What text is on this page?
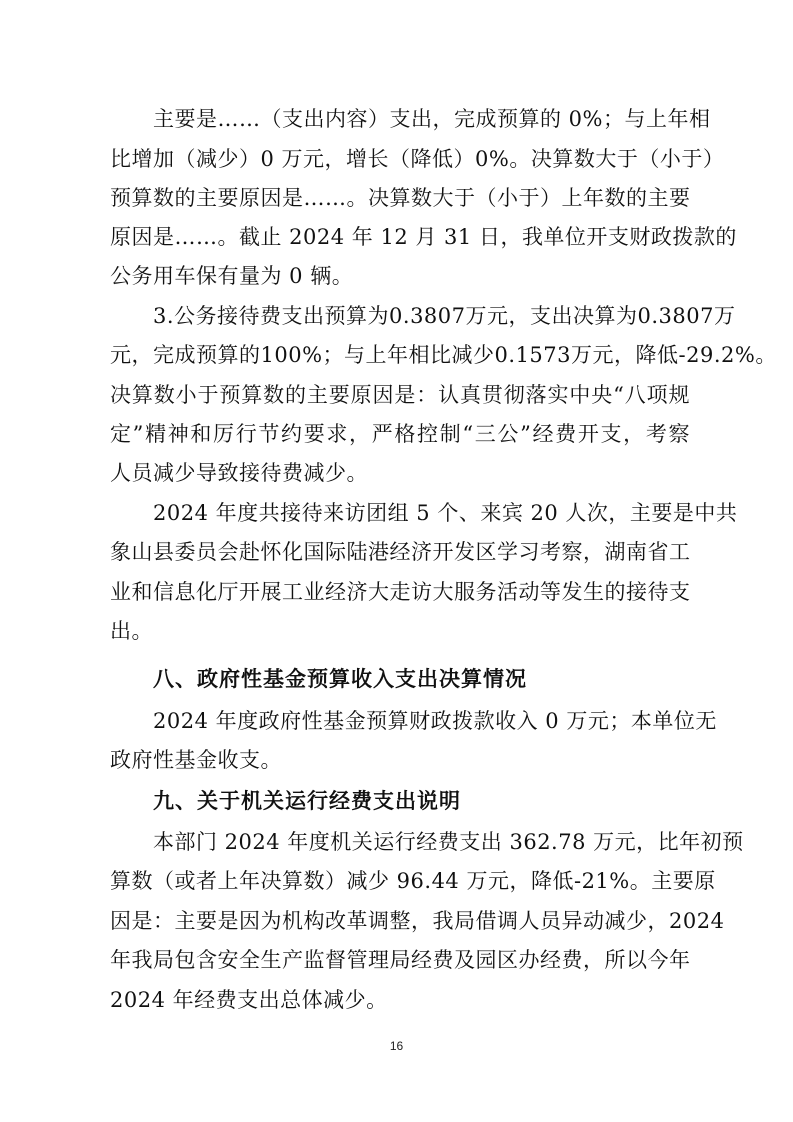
主要是……（支出内容）支出，完成预算的 0%；与上年相
比增加（减少）0 万元，增长（降低）0%。决算数大于（小于）
预算数的主要原因是……。决算数大于（小于）上年数的主要
原因是……。截止 2024 年 12 月 31 日，我单位开支财政拨款的
公务用车保有量为 0 辆。
3.公务接待费支出预算为0.3807万元，支出决算为0.3807万
元，完成预算的100%；与上年相比减少0.1573万元，降低-29.2%。
决算数小于预算数的主要原因是：认真贯彻落实中央“八项规
定”精神和厉行节约要求，严格控制“三公”经费开支，考察
人员减少导致接待费减少。
2024 年度共接待来访团组 5 个、来宾 20 人次，主要是中共
象山县委员会赴怀化国际陆港经济开发区学习考察，湖南省工
业和信息化厅开展工业经济大走访大服务活动等发生的接待支
出。
八、政府性基金预算收入支出决算情况
2024 年度政府性基金预算财政拨款收入 0 万元；本单位无
政府性基金收支。
九、关于机关运行经费支出说明
本部门 2024 年度机关运行经费支出 362.78 万元，比年初预
算数（或者上年决算数）减少 96.44 万元，降低-21%。主要原
因是：主要是因为机构改革调整，我局借调人员异动减少，2024
年我局包含安全生产监督管理局经费及园区办经费，所以今年
2024 年经费支出总体减少。
16
